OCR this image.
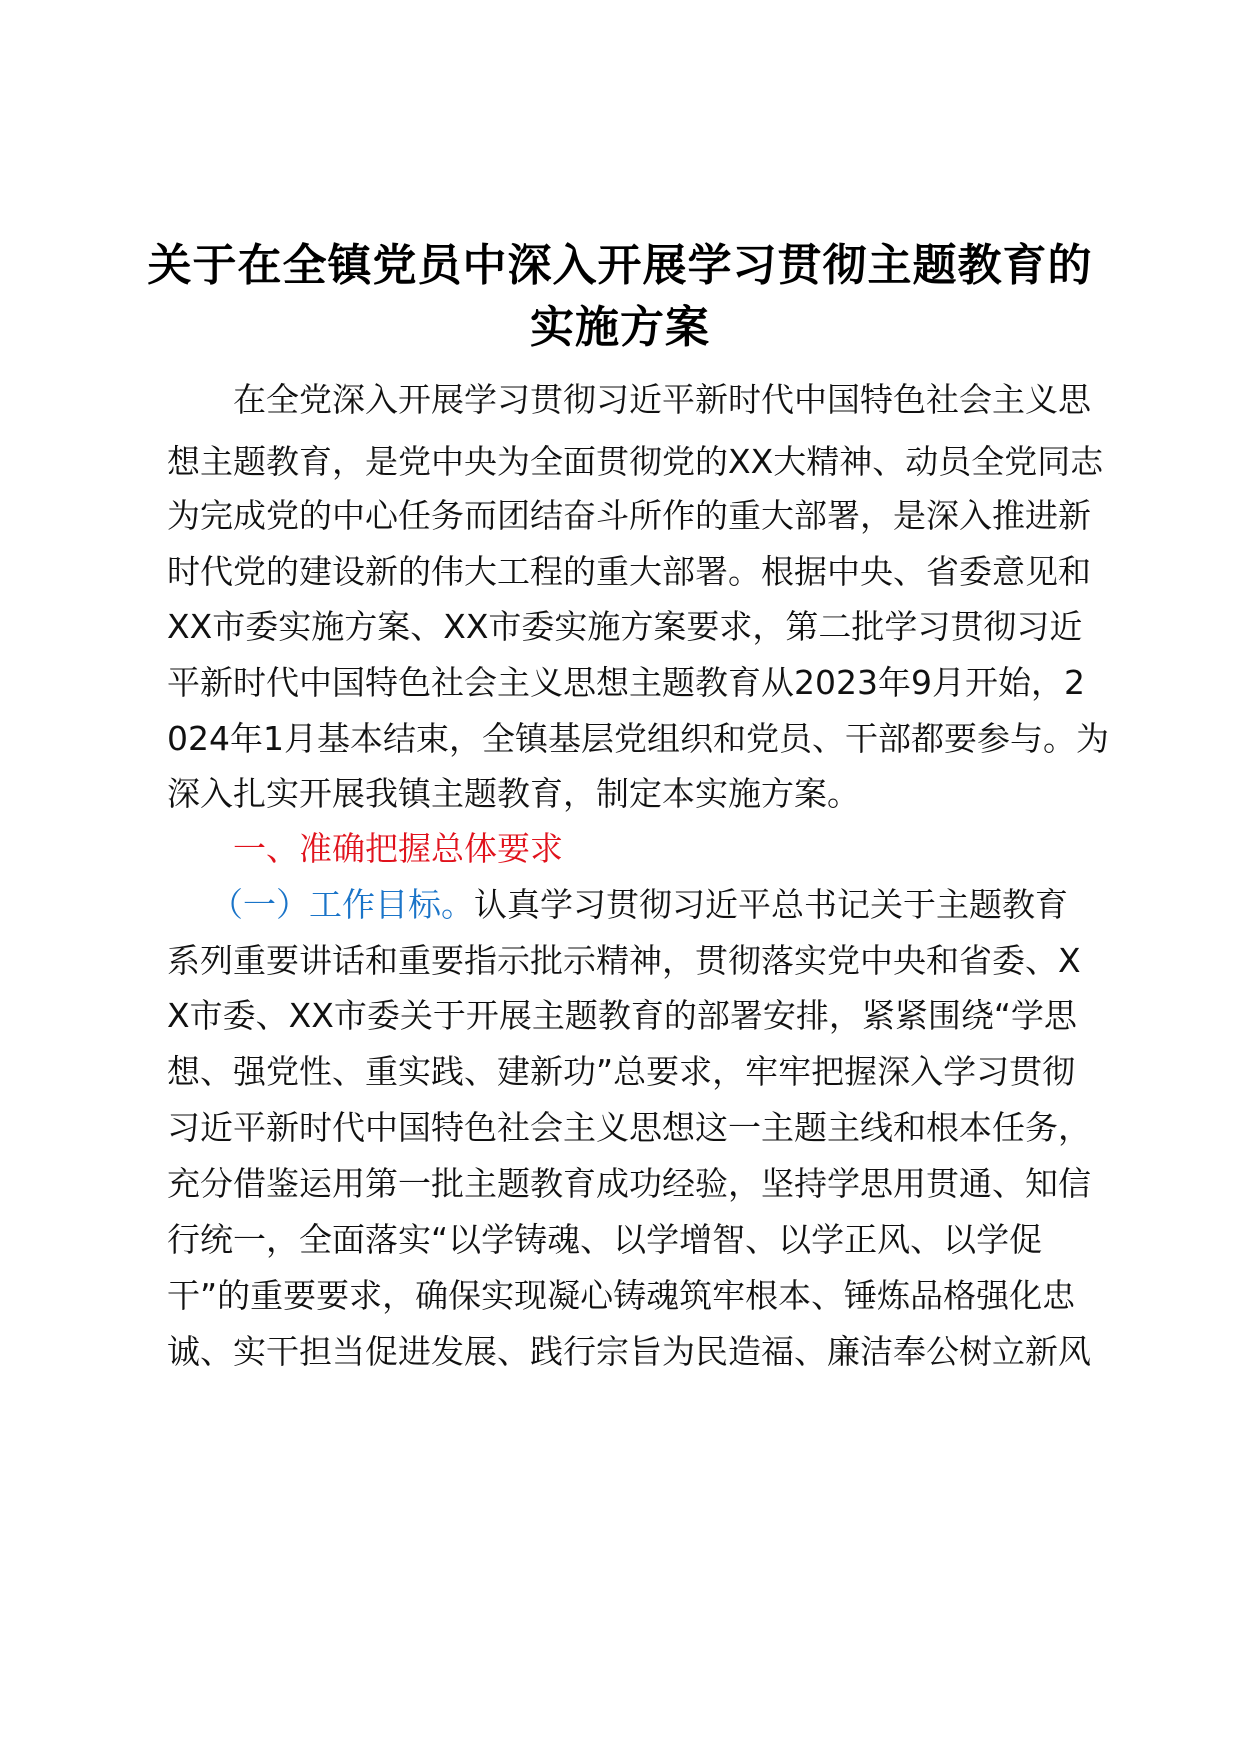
关于在全镇党员中深入开展学习贯彻主题教育的
实施方案
在全党深入开展学习贯彻习近平新时代中国特色社会主义思
想主题教育，是党中央为全面贯彻党的XX大精神、动员全党同志
为完成党的中心任务而团结奋斗所作的重大部署，是深入推进新
时代党的建设新的伟大工程的重大部署。根据中央、省委意见和
XX市委实施方案、XX市委实施方案要求，第二批学习贯彻习近
平新时代中国特色社会主义思想主题教育从2023年9月开始，2
024年1月基本结束，全镇基层党组织和党员、干部都要参与。为
深入扎实开展我镇主题教育，制定本实施方案。
一、准确把握总体要求
（一）工作目标。认真学习贯彻习近平总书记关于主题教育
系列重要讲话和重要指示批示精神，贯彻落实党中央和省委、X
X市委、XX市委关于开展主题教育的部署安排，紧紧围绕“学思
想、强党性、重实践、建新功”总要求，牢牢把握深入学习贯彻
习近平新时代中国特色社会主义思想这一主题主线和根本任务，
充分借鉴运用第一批主题教育成功经验，坚持学思用贯通、知信
行统一，全面落实“以学铸魂、以学增智、以学正风、以学促
干”的重要要求，确保实现凝心铸魂筑牢根本、锤炼品格强化忠
诚、实干担当促进发展、践行宗旨为民造福、廉洁奉公树立新风
